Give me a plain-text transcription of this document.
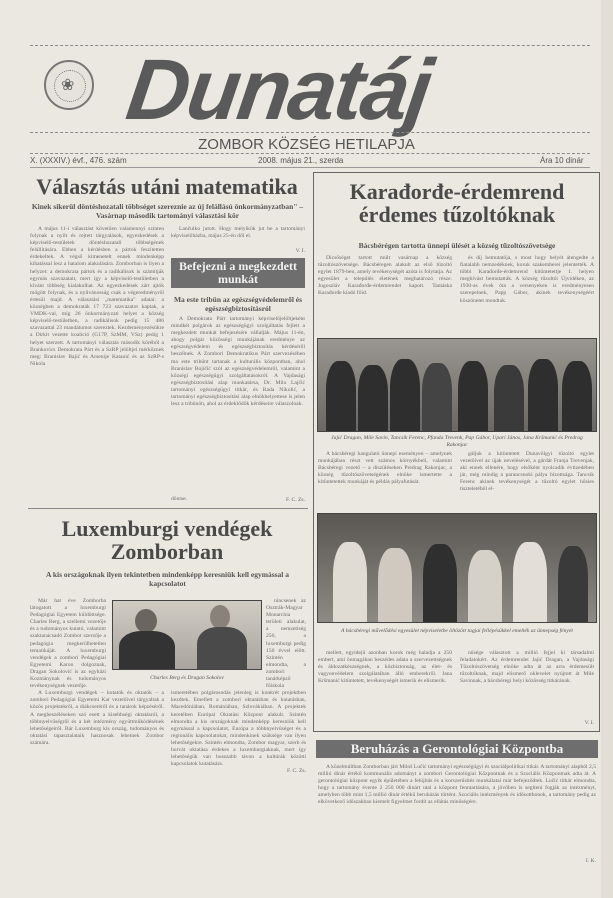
❀ Dunatáj
ZOMBOR KÖZSÉG HETILAPJA
X. (XXXIV.) évf., 476. szám	2008. május 21., szerda	Ára 10 dinár
Választás utáni matematika
Kinek sikerül döntéshozatali többséget szereznie az új felállású önkormányzatban" –Vasárnap második tartományi választási kör

A május 11-i választást követően valamennyi szinten folynak a nyílt és rejtett tárgyalások, egyezkedések a képviselő-testületek döntéshozatali többségének felállítására. Ebben a kérdésben a pártok feszítetten érdekeltek. A végső kimenetelt ennek mindenképp kihatással lesz a hatalom alakulására. Zomborban is ilyen a helyzet: a demokrata pártok és a radikálisok is számítják egymás szavazatait, mert így a képviselő-testületben a kívánt többség kialakulhat. Az egyezkedések zárt ajtók mögött folynak, és a nyilvánosság csak a végeredményről értesül majd. A választási „matematika" adatai: a községben a demokraták 17 723 szavazatot kaptak, a VMDK-val, míg 26 önkormányzati helyet a község képviselő-testületben, a radikálisok pedig 15 486 szavazattal 23 mandátumot szereztek. Kezdeményezésükre a Dirkit vezette koalíció (G17P, SzMM, VSz) pedig 1 helyet szerzett. A tartományi választás második köréből a Brankovics Demokrata Párt és a SzRP jelöltjei mérkőznek meg: Branislav Bajić és Arsenije Katanić és az SzRP-s Nikola

Lančulko jutott. Hogy melyikük jut be a tartományi képviselőházba, május 25-én dől el.

V. I.
Befejezni a megkezdett munkát
Ma este tribün az egészségvédelemről és egészségbiztosításról

A Demokrata Párt tartományi képviselőjelöltjeként mindkét polgárok az egészségügyi szolgáltatás fejlett a megkezdett munkát befejezésére vállalják. Május 11-én, ahogy polgár közösségi munkájának eredménye az egészségvédelem és egészségbiztosítás kérdéséről beszélnek. A Zombori Demokratikus Párt szervezésében ma este tribünt tartanak a kulturális központban, ahol Branislav Bojičić szól az egészségvédelemről, valamint a községi egészségügyi szolgáltatásokról. A Vajdasági egészségbiztosítási alap munkatársa, Dr. Milo Lajčić tartományi egészségügyi titkár, és Rada Nikolić, a tartományi egészségbiztosítási alap elnökhelyettese is jelen lesz a tribünön, ahol az érdeklődők kérdéseire válaszolnak.

döntse.	F. C. Zs.
Luxemburgi vendégek Zomborban
A kis országoknak ilyen tekintetben mindenképp keresniük kell egymással a kapcsolatot

Már hat éve Zomborba látogatott a luxemburgi Pedagógiai Egyetem küldöttsége. Charles Berg, a szellemi vezetője és a tudományos kutató, valamint szaktanácsadó Zombor szerzője a pedagógia megkerülhetetlen tematikáját. A luxemburgi vendégek a zombori Pedagógiai Egyetemi Karon dolgoznak, Dragan Sokolović is az egyházi Kozmánynak és tudományos tevékenységnek vezetője.

A Luxemburgi vendégek – kutatók és oktatók – a zombori Pedagógiai Egyetemi Kar vezetőivel tárgyaltak a közös projektekről, a diákcseréről és a tanárok képzéséről. A megbeszéléseken szó esett a kisebbségi oktatásról, a többnyelvűségről és a két intézmény együttműködésének lehetőségeiről. Bár Luxemburg kis ország, tudományos és oktatási tapasztalataik hasznosak lehetnek Zombor számára.

nincsenek az Osztrák-Magyar Monarchia területi alakulat, a nemzetiség 250, a luxemburgi pedig 150 évvel előtt. Szintén elmondta, a zombori tanárképző főiskola ismeretében polgárosodás jelenleg is konkrét projektben kezdtek. Emellett a zombori oktatásban és kutatásban, Macedóniában, Romániában, Szlovákiában. A projektek keretében Európai Oktatási Központ alakult. Szintén elmondta a kis országoknak mindenképp keresniük kell egymással a kapcsolatot, Európa a többnyelvűséget és a regionális kapcsolatokat, mindenkinek szüksége van ilyen lehetőségekre. Szintén elmondta, Zombor magyar, szerb és horvát oktatása érdekes a luxemburgiaknak, mert így lehetőségük van hosszabb távon a kultúrák közötti kapcsolatok kutatására.

F. C. Zs.
Charles Berg és Dragan Sokolov
Karađorđe-érdemrend érdemes tűzoltóknak
Bácsbérégen tartotta ünnepi ülését a község tűzoltószövetsége

Dicsőséget tartott múlt vasárnap a község tűzoltószövetsége. Bácsbéregen alakult az első tűzoltó egylet 1879-ben, amely tevékenységét azóta is folytatja. Az egyesület a település életének meghatározó része. Jugoszláv Karađorđe-érdemrendet kapott. Tamáska Karađorđe kiadó főid.

és díj bemutatója, s most hogy helyét átengedte a fiatalabb nemzedéknek, koruk szakemberei jelentették. A többi Karađorđe-érdemrend kitüntetettje 1. helyen meghívást bemutatták. A község tűzoltói Újvidéken, az 1930-as évek óta a versenyeken is eredményesen szerepelnek, Papp Gábor, akinek tevékenységéért köszönetet mondtak.

Jajić Dragan, Mile Savin, Tancsik Ferenc, Pfanda Trevenk, Pap Gábor, Upari János, Jana Kršmanić és Predrag Rakonjac

A bácsbéregi hangulatú ünnepi eseményen – amelynek munkájában részt vett számos környékbeli, valamint Bácsbéregi vezető – a díszüléseken Predrag Rakonjac, a község tűzoltószövetségének elnöke ismertette a kitüntetettek munkáját és példás pályafutását.

gáljuk a kitüntetett Dunavölgyi tűzoltó egylet vezetőivel az újak nevelésével, a gárdát Franja Trevenjak, aki ennek ellenére, hogy elsőként nyolcadik évtizedében jár, még mindig a parancsnoki pálya bizottsága. Tancsik Ferenc akinek tevékenységét a tűzoltó egylet hősies tiszteletéből el-

A bácsbéregi művelődési egyesület népviseletbe öltözött tagjai fellépésükkel emelték az ünnepség fényét

mellett, egyidejű azonban korok még haladja a 250 embert, ami önmagában beszédes adata a szervezettségnek és áldozatkészségnek, a közbiztonság, az élet- és vagyonvédelem szolgálatában álló emberekről. Jana Kršmanić kitüntetett, tevékenységét ismerik és elismerik.

nűsége választott a millió fejjel ki társadalmi feladatokért. Az érdemrendet Jajić Dragan, a Vajdasági Tűzoltószövetség elnöke adta át az arra érdemesült tűzoltóknak, majd elismerő oklevelet nyújtott át Mile Savinnak, a bácsbéregi helyi közösség titkárának.

V. I.
Beruházás a Gerontológiai Központba

A közelmúltban Zomborban járt Miloš Lučić tartományi egészségügyi és szociálpolitikai titkár. A tartományi alapból 2,5 millió dinár értékű kommunális adományt a zombori Gerontológiai Központnak és a Szociális Központnak adta át. A gerontológiai központ egyik épületében a felújítás és a korszerűsítés munkálatai már befejeződtek. Lučić titkár elmondta, hogy a tartomány évente 2 250 000 dinárt utal a központ fenntartására, a jövőben is segíteni fogják az intézményt, amelyben több mint 1,5 millió dinár értékű beruházás történt. Szociális intézmények és idősotthonok, a tartomány pedig az elkövetkező időszakban kiemelt figyelmet fordít az ellátás minőségére.

I. K.
